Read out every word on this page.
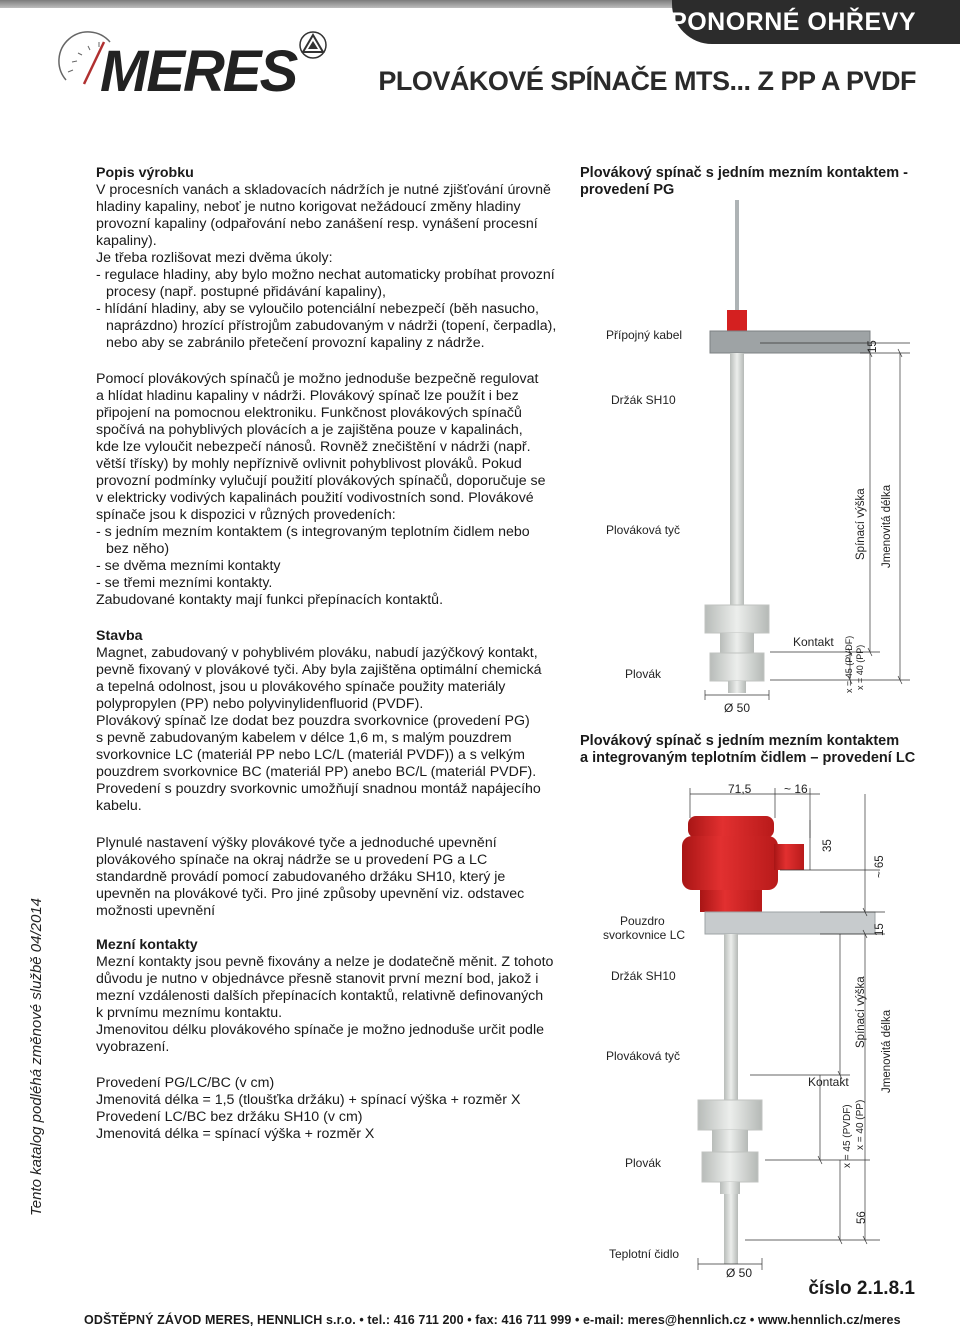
PONORNÉ OHŘEVY
MERES	PLOVÁKOVÉ SPÍNAČE MTS... Z PP A PVDF
Tento katalog podléhá změnové službě 04/2014

Popis výrobku

V procesních vanách a skladovacích nádržích je nutné zjišťování úrovně

hladiny kapaliny, neboť je nutno korigovat nežádoucí změny hladiny

provozní kapaliny (odpařování nebo zanášení resp. vynášení procesní

kapaliny).

Je třeba rozlišovat mezi dvěma úkoly:

- regulace hladiny, aby bylo možno nechat automaticky probíhat provozní

procesy (např. postupné přidávání kapaliny),

- hlídání hladiny, aby se vyloučilo potenciální nebezpečí (běh nasucho,

naprázdno) hrozící přístrojům zabudovaným v nádrži (topení, čerpadla),

nebo aby se zabránilo přetečení provozní kapaliny z nádrže.

Pomocí plovákových spínačů je možno jednoduše bezpečně regulovat

a hlídat hladinu kapaliny v nádrži. Plovákový spínač lze použít i bez

připojení na pomocnou elektroniku. Funkčnost plovákových spínačů

spočívá na pohyblivých plovácích a je zajištěna pouze v kapalinách,

kde lze vyloučit nebezpečí nánosů. Rovněž znečištění v nádrži (např.

větší třísky) by mohly nepříznivě ovlivnit pohyblivost plováků. Pokud

provozní podmínky vylučují použití plovákových spínačů, doporučuje se

v elektricky vodivých kapalinách použití vodivostních sond. Plovákové

spínače jsou k dispozici v různých provedeních:

- s jedním mezním kontaktem (s integrovaným teplotním čidlem nebo

bez něho)

- se dvěma mezními kontakty

- se třemi mezními kontakty.

Zabudované kontakty mají funkci přepínacích kontaktů.

Stavba

Magnet, zabudovaný v pohyblivém plováku, nabudí jazýčkový kontakt,

pevně fixovaný v plovákové tyči. Aby byla zajištěna optimální chemická

a tepelná odolnost, jsou u plovákového spínače použity materiály

polypropylen (PP) nebo polyvinylidenfluorid (PVDF).

Plovákový spínač lze dodat bez pouzdra svorkovnice (provedení PG)

s pevně zabudovaným kabelem v délce 1,6 m, s malým pouzdrem

svorkovnice LC (materiál PP nebo LC/L (materiál PVDF)) a s velkým

pouzdrem svorkovnice BC (materiál PP) anebo BC/L (materiál PVDF).

Provedení s pouzdry svorkovnic umožňují snadnou montáž napájecího

kabelu.

Plynulé nastavení výšky plovákové tyče a jednoduché upevnění

plovákového spínače na okraj nádrže se u provedení PG a LC

standardně provádí pomocí zabudovaného držáku SH10, který je

upevněn na plovákové tyči. Pro jiné způsoby upevnění viz. odstavec

možnosti upevnění

Mezní kontakty

Mezní kontakty jsou pevně fixovány a nelze je dodatečně měnit. Z tohoto

důvodu je nutno v objednávce přesně stanovit první mezní bod, jakož i

mezní vzdálenosti dalších přepínacích kontaktů, relativně definovaných

k prvnímu meznímu kontaktu.

Jmenovitou délku plovákového spínače je možno jednoduše určit podle

vyobrazení.

Provedení PG/LC/BC (v cm)

Jmenovitá délka = 1,5 (tloušťka držáku) + spínací výška + rozměr X

Provedení LC/BC bez držáku SH10 (v cm)

Jmenovitá délka = spínací výška + rozměr X

Plovákový spínač s jedním mezním kontaktem - provedení PG
Přípojný kabel
Držák SH10
Plováková tyč
Plovák
Kontakt
Ø 50
15
Spínací výška Jmenovitá délka
x = 45 (PVDF) x = 40 (PP)
Plovákový spínač s jedním mezním kontaktem
a integrovaným teplotním čidlem – provedení LC
71,5	~ 16
35
~ 65
15
Pouzdro
svorkovnice LC
Držák SH10
Plováková tyč
Kontakt
Plovák
Teplotní čidlo
Ø 50
Spínací výška Jmenovitá délka
x = 45 (PVDF) x = 40 (PP)
56
číslo 2.1.8.1
ODŠTĚPNÝ ZÁVOD MERES, HENNLICH s.r.o. • tel.: 416 711 200 • fax: 416 711 999 • e-mail: meres@hennlich.cz • www.hennlich.cz/meres
